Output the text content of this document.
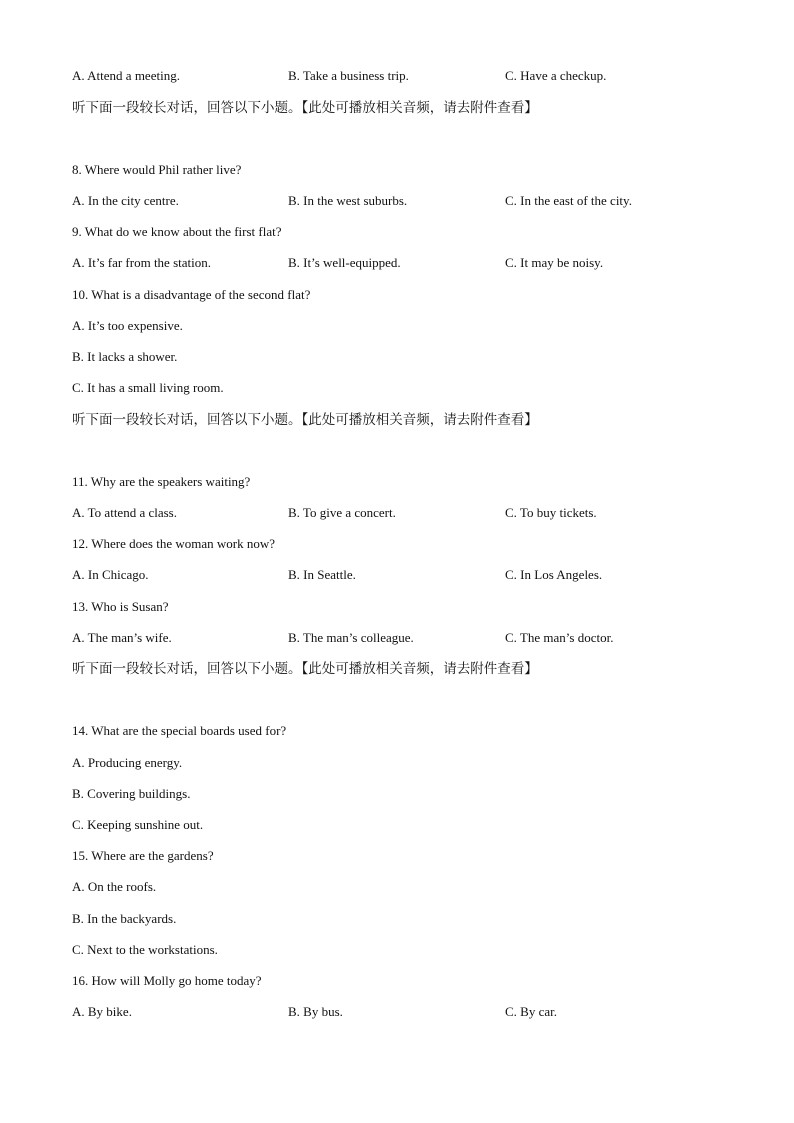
A. Attend a meeting.	B. Take a business trip.	C. Have a checkup.
听下面一段较长对话，回答以下小题。【此处可播放相关音频，请去附件查看】
8. Where would Phil rather live?
A. In the city centre.	B. In the west suburbs.	C. In the east of the city.
9. What do we know about the first flat?
A. It’s far from the station.	B. It’s well-equipped.	C. It may be noisy.
10. What is a disadvantage of the second flat?
A. It’s too expensive.
B. It lacks a shower.
C. It has a small living room.
听下面一段较长对话，回答以下小题。【此处可播放相关音频，请去附件查看】
11. Why are the speakers waiting?
A. To attend a class.	B. To give a concert.	C. To buy tickets.
12. Where does the woman work now?
A. In Chicago.	B. In Seattle.	C. In Los Angeles.
13. Who is Susan?
A. The man’s wife.	B. The man’s colleague.	C. The man’s doctor.
听下面一段较长对话，回答以下小题。【此处可播放相关音频，请去附件查看】
14. What are the special boards used for?
A. Producing energy.
B. Covering buildings.
C. Keeping sunshine out.
15. Where are the gardens?
A. On the roofs.
B. In the backyards.
C. Next to the workstations.
16. How will Molly go home today?
A. By bike.	B. By bus.	C. By car.
